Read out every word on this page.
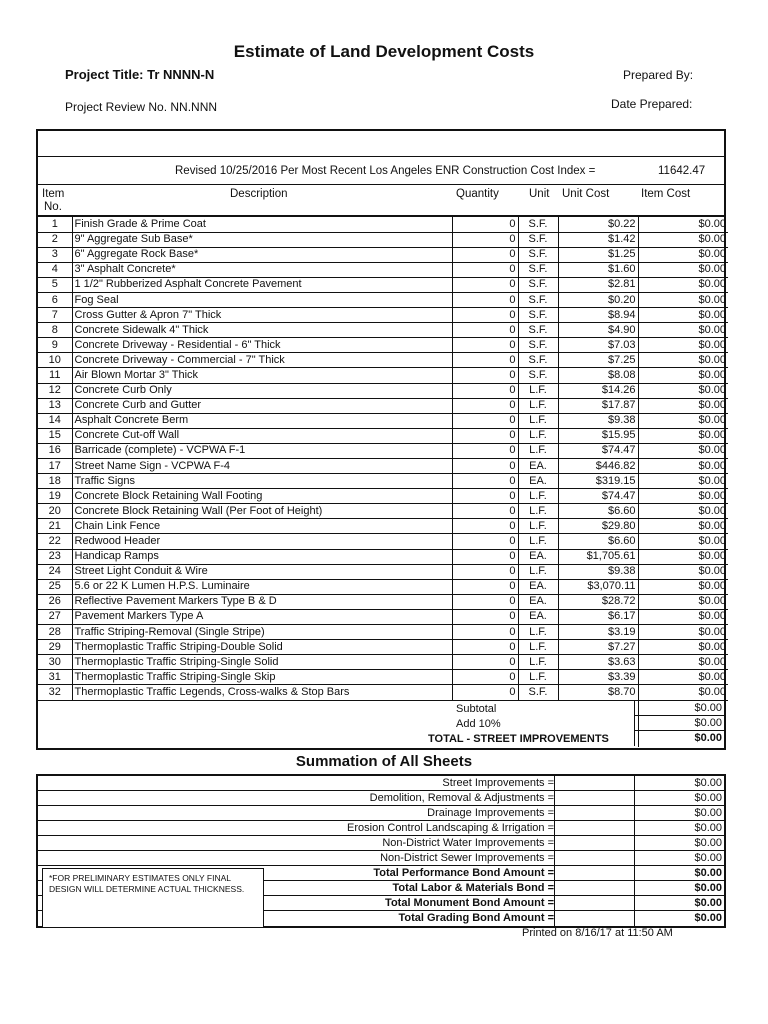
Estimate of Land Development Costs
Project Title: Tr NNNN-N	Prepared By:
Project Review No. NN.NNN	Date Prepared:
Revised 10/25/2016 Per Most Recent Los Angeles ENR Construction Cost Index =	11642.47
Item
No.
Description	Quantity	Unit Unit Cost	Item Cost
1	Finish Grade & Prime Coat	0	S.F.	$0.22	$0.00
2	9" Aggregate Sub Base*	0	S.F.	$1.42	$0.00
3	6" Aggregate Rock Base*	0	S.F.	$1.25	$0.00
4	3" Asphalt Concrete*	0	S.F.	$1.60	$0.00
5	1 1/2" Rubberized Asphalt Concrete Pavement	0	S.F.	$2.81	$0.00
6	Fog Seal	0	S.F.	$0.20	$0.00
7	Cross Gutter & Apron 7" Thick	0	S.F.	$8.94	$0.00
8	Concrete Sidewalk 4" Thick	0	S.F.	$4.90	$0.00
9	Concrete Driveway - Residential - 6" Thick	0	S.F.	$7.03	$0.00
10	Concrete Driveway - Commercial - 7" Thick	0	S.F.	$7.25	$0.00
11	Air Blown Mortar 3" Thick	0	S.F.	$8.08	$0.00
12	Concrete Curb Only	0	L.F.	$14.26	$0.00
13	Concrete Curb and Gutter	0	L.F.	$17.87	$0.00
14	Asphalt Concrete Berm	0	L.F.	$9.38	$0.00
15	Concrete Cut-off Wall	0	L.F.	$15.95	$0.00
16	Barricade (complete) - VCPWA F-1	0	L.F.	$74.47	$0.00
17	Street Name Sign - VCPWA F-4	0	EA.	$446.82	$0.00
18	Traffic Signs	0	EA.	$319.15	$0.00
19	Concrete Block Retaining Wall Footing	0	L.F.	$74.47	$0.00
20	Concrete Block Retaining Wall (Per Foot of Height)	0	L.F.	$6.60	$0.00
21	Chain Link Fence	0	L.F.	$29.80	$0.00
22	Redwood Header	0	L.F.	$6.60	$0.00
23	Handicap Ramps	0	EA.	$1,705.61	$0.00
24	Street Light Conduit & Wire	0	L.F.	$9.38	$0.00
25	5.6 or 22 K Lumen H.P.S. Luminaire	0	EA.	$3,070.11	$0.00
26	Reflective Pavement Markers Type B & D	0	EA.	$28.72	$0.00
27	Pavement Markers Type A	0	EA.	$6.17	$0.00
28	Traffic Striping-Removal (Single Stripe)	0	L.F.	$3.19	$0.00
29	Thermoplastic Traffic Striping-Double Solid	0	L.F.	$7.27	$0.00
30	Thermoplastic Traffic Striping-Single Solid	0	L.F.	$3.63	$0.00
31	Thermoplastic Traffic Striping-Single Skip	0	L.F.	$3.39	$0.00
32	Thermoplastic Traffic Legends, Cross-walks & Stop Bars	0	S.F.	$8.70	$0.00
Subtotal	$0.00
Add 10%	$0.00
TOTAL - STREET IMPROVEMENTS	$0.00
Summation of All Sheets
Street Improvements =	$0.00
Demolition, Removal & Adjustments =	$0.00
Drainage Improvements =	$0.00
Erosion Control Landscaping & Irrigation =	$0.00
Non-District Water Improvements =	$0.00
Non-District Sewer Improvements =	$0.00
Total Performance Bond Amount =	$0.00
Total Labor & Materials Bond =	$0.00
Total Monument Bond Amount =	$0.00
Total Grading Bond Amount =	$0.00
*FOR PRELIMINARY ESTIMATES ONLY FINAL DESIGN WILL DETERMINE ACTUAL THICKNESS.
Printed on 8/16/17 at 11:50 AM
